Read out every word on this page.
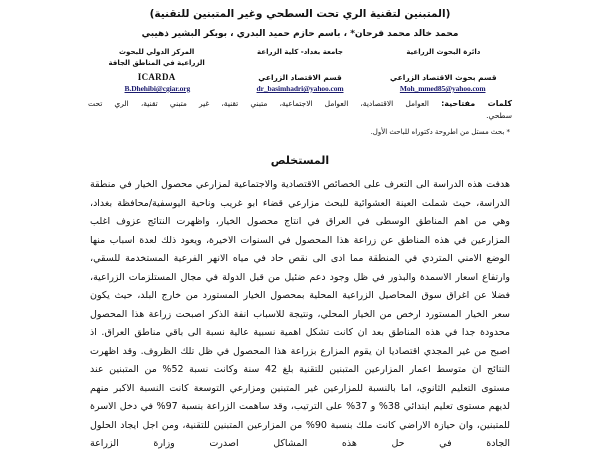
(المتبنين لتقنية الري تحت السطحي وغير المتبنين للتقنية)
محمد خالد محمد فرحان* ، باسم حازم حميد البدري ، بوبكر البشير ذهيبي
دائرة البحوث الزراعية
جامعة بغداد- كلية الزراعة
المركز الدولي للبحوث
الزراعية في المناطق الجافة
قسم بحوث الاقتصاد الزراعي
قسم الاقتصاد الزراعي
ICARDA
B.Dhehibi@cgiar.org	dr_basimhadri@yahoo.com	Moh_mmed85@yahoo.com
كلمات مفتاحية: العوامل الاقتصادية، العوامل الاجتماعية، متبني تقنية، غير متبني تقنية، الري تحت
سطحي.
* بحث مستل من اطروحة دكتوراه للباحث الأول.
المستخلص
هدفت هذه الدراسة الى التعرف على الخصائص الاقتصادية والاجتماعية لمزارعي محصول الخيار في منطقة الدراسة، حيث شملت العينة العشوائية للبحث مزارعي قضاء ابو غريب وناحية اليوسفية/محافظة بغداد، وهي من اهم المناطق الوسطى في العراق في انتاج محصول الخيار، واظهرت النتائج عزوف اغلب المزارعين في هذه المناطق عن زراعة هذا المحصول في السنوات الاخيرة، ويعود ذلك لعدة اسباب منها الوضع الامني المتردي في المنطقة مما ادى الى نقص حاد في مياه الانهر الفرعية المستخدمة للسقي، وارتفاع اسعار الاسمدة والبذور في ظل وجود دعم ضئيل من قبل الدولة في مجال المستلزمات الزراعية، فضلا عن اغراق سوق المحاصيل الزراعية المحلية بمحصول الخيار المستورد من خارج البلد، حيث يكون سعر الخيار المستورد ارخص من الخيار المحلي، ونتيجة للاسباب انفة الذكر اصبحت زراعة هذا المحصول محدودة جدا في هذه المناطق بعد ان كانت تشكل اهمية نسبية عالية نسبة الى باقي مناطق العراق. اذ اصبح من غير المجدي اقتصاديا ان يقوم المزارع بزراعة هذا المحصول في ظل تلك الظروف. وقد اظهرت النتائج ان متوسط اعمار المزارعين المتبنين للتقنية بلغ 42 سنة وكانت نسبة 52% من المتبنين عند مستوى التعليم الثانوي، اما بالنسبة للمزارعين غير المتبنين ومزارعي التوسعة كانت النسبة الاكبر منهم لديهم مستوى تعليم ابتدائي 38% و 37% على الترتيب، وقد ساهمت الزراعة بنسبة 97% في دخل الاسرة للمتبنين، وان حيازة الاراضي كانت ملك بنسبة 90% من المزارعين المتبنين للتقنية، ومن اجل ايجاد الحلول الجادة في حل هذه المشاكل اصدرت وزارة الزراعة
